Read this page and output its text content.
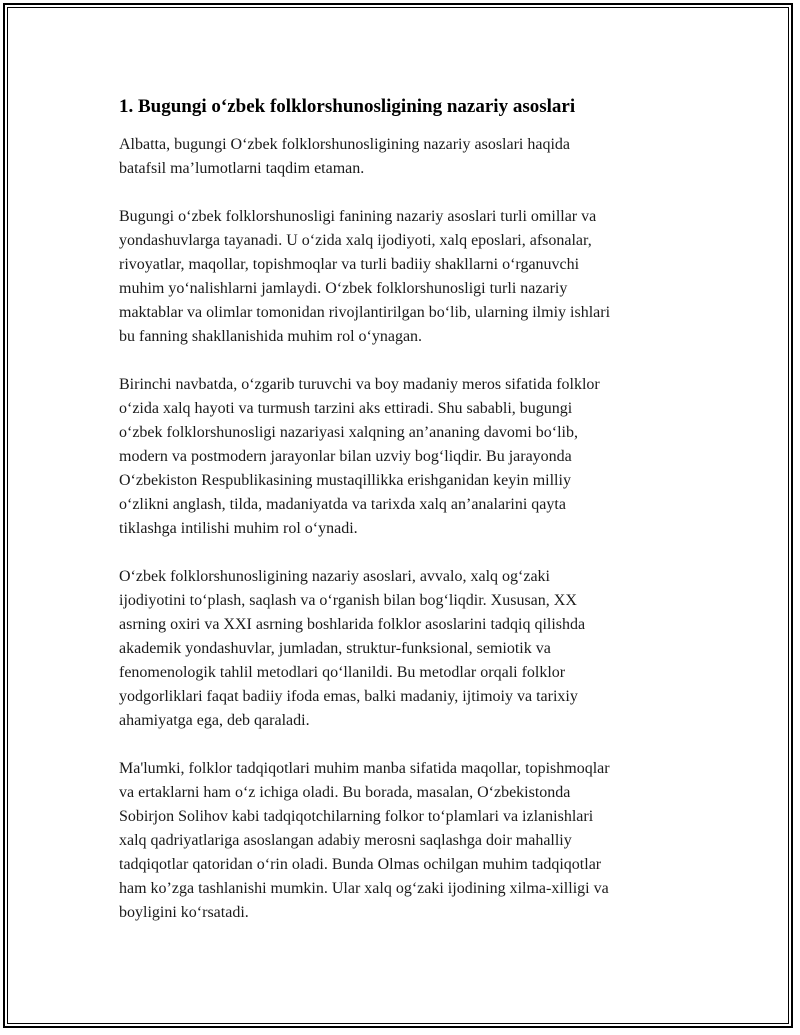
1. Bugungi o‘zbek folklorshunosligining nazariy asoslari

Albatta, bugungi O‘zbek folklorshunosligining nazariy asoslari haqida
batafsil ma’lumotlarni taqdim etaman.

Bugungi o‘zbek folklorshunosligi fanining nazariy asoslari turli omillar va
yondashuvlarga tayanadi. U o‘zida xalq ijodiyoti, xalq eposlari, afsonalar,
rivoyatlar, maqollar, topishmoqlar va turli badiiy shakllarni o‘rganuvchi
muhim yo‘nalishlarni jamlaydi. O‘zbek folklorshunosligi turli nazariy
maktablar va olimlar tomonidan rivojlantirilgan bo‘lib, ularning ilmiy ishlari
bu fanning shakllanishida muhim rol o‘ynagan.

Birinchi navbatda, o‘zgarib turuvchi va boy madaniy meros sifatida folklor
o‘zida xalq hayoti va turmush tarzini aks ettiradi. Shu sababli, bugungi
o‘zbek folklorshunosligi nazariyasi xalqning an’ananing davomi bo‘lib,
modern va postmodern jarayonlar bilan uzviy bog‘liqdir. Bu jarayonda
O‘zbekiston Respublikasining mustaqillikka erishganidan keyin milliy
o‘zlikni anglash, tilda, madaniyatda va tarixda xalq an’analarini qayta
tiklashga intilishi muhim rol o‘ynadi.

O‘zbek folklorshunosligining nazariy asoslari, avvalo, xalq og‘zaki
ijodiyotini to‘plash, saqlash va o‘rganish bilan bog‘liqdir. Xususan, XX
asrning oxiri va XXI asrning boshlarida folklor asoslarini tadqiq qilishda
akademik yondashuvlar, jumladan, struktur-funksional, semiotik va
fenomenologik tahlil metodlari qo‘llanildi. Bu metodlar orqali folklor
yodgorliklari faqat badiiy ifoda emas, balki madaniy, ijtimoiy va tarixiy
ahamiyatga ega, deb qaraladi.

Ma'lumki, folklor tadqiqotlari muhim manba sifatida maqollar, topishmoqlar
va ertaklarni ham o‘z ichiga oladi. Bu borada, masalan, O‘zbekistonda
Sobirjon Solihov kabi tadqiqotchilarning folkor to‘plamlari va izlanishlari
xalq qadriyatlariga asoslangan adabiy merosni saqlashga doir mahalliy
tadqiqotlar qatoridan o‘rin oladi. Bunda Olmas ochilgan muhim tadqiqotlar
ham ko’zga tashlanishi mumkin. Ular xalq og‘zaki ijodining xilma-xilligi va
boyligini ko‘rsatadi.
